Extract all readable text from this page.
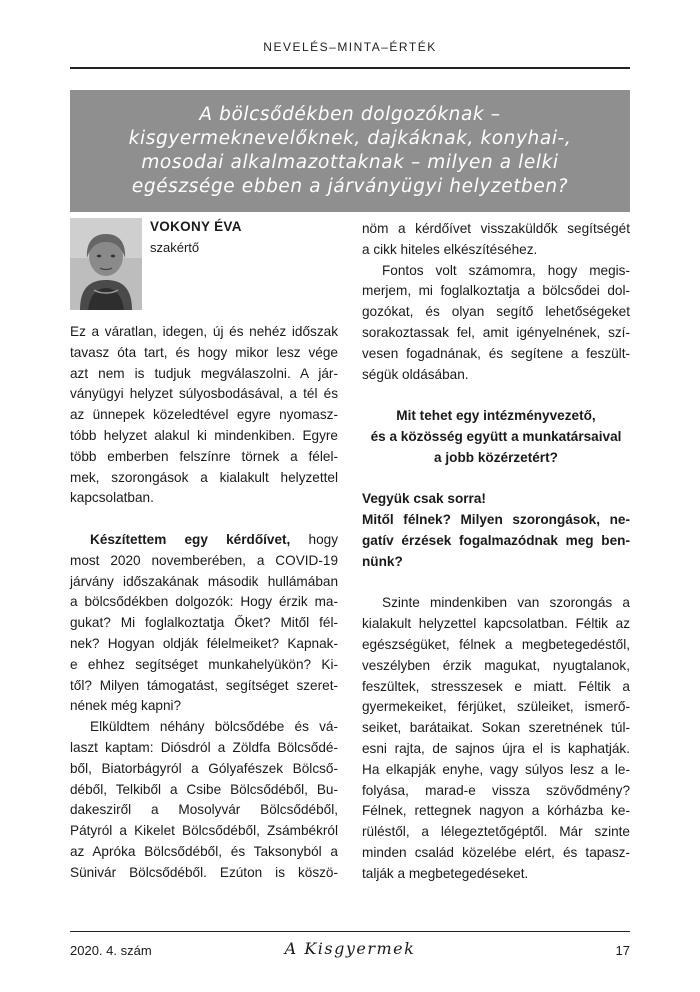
NEVELÉS–MINTA–ÉRTÉK
A bölcsődékben dolgozóknak –
kisgyermeknevelőknek, dajkáknak, konyhai-,
mosodai alkalmazottaknak – milyen a lelki
egészsége ebben a járványügyi helyzetben?
VOKONY ÉVA
szakértő
Ez a váratlan, idegen, új és nehéz időszak
tavasz óta tart, és hogy mikor lesz vége
azt nem is tudjuk megválaszolni. A jár-
ványügyi helyzet súlyosbodásával, a tél és
az ünnepek közeledtével egyre nyomasz-
tóbb helyzet alakul ki mindenkiben. Egyre
több emberben felszínre törnek a félel-
mek, szorongások a kialakult helyzettel
kapcsolatban.
Készítettem egy kérdőívet, hogy
most 2020 novemberében, a COVID-19
járvány időszakának második hullámában
a bölcsődékben dolgozók: Hogy érzik ma-
gukat? Mi foglalkoztatja Őket? Mitől fél-
nek? Hogyan oldják félelmeiket? Kapnak-
e ehhez segítséget munkahelyükön? Ki-
től? Milyen támogatást, segítséget szeret-
nének még kapni?
Elküldtem néhány bölcsődébe és vá-
laszt kaptam: Diósdról a Zöldfa Bölcsődé-
ből, Biatorbágyról a Gólyafészek Bölcső-
déből, Telkiből a Csibe Bölcsődéből, Bu-
dakesziről a Mosolyvár Bölcsődéből,
Pátyról a Kikelet Bölcsődéből, Zsámbékról
az Apróka Bölcsődéből, és Taksonyból a
Sünivár Bölcsődéből. Ezúton is köszö-
nöm a kérdőívet visszaküldők segítségét
a cikk hiteles elkészítéséhez.
Fontos volt számomra, hogy megis-
merjem, mi foglalkoztatja a bölcsődei dol-
gozókat, és olyan segítő lehetőségeket
sorakoztassak fel, amit igényelnének, szí-
vesen fogadnának, és segítene a feszült-
ségük oldásában.
Mit tehet egy intézményvezető,
és a közösség együtt a munkatársaival
a jobb közérzetért?
Vegyük csak sorra!
Mitől félnek? Milyen szorongások, ne-
gatív érzések fogalmazódnak meg ben-
nünk?
Szinte mindenkiben van szorongás a
kialakult helyzettel kapcsolatban. Féltik az
egészségüket, félnek a megbetegedéstől,
veszélyben érzik magukat, nyugtalanok,
feszültek, stresszesek e miatt. Féltik a
gyermekeiket, férjüket, szüleiket, ismerő-
seiket, barátaikat. Sokan szeretnének túl-
esni rajta, de sajnos újra el is kaphatják.
Ha elkapják enyhe, vagy súlyos lesz a le-
folyása, marad-e vissza szövődmény?
Félnek, rettegnek nagyon a kórházba ke-
rüléstől, a lélegeztetőgéptől. Már szinte
minden család közelébe elért, és tapasz-
talják a megbetegedéseket.
2020. 4. szám	A Kisgyermek	17
